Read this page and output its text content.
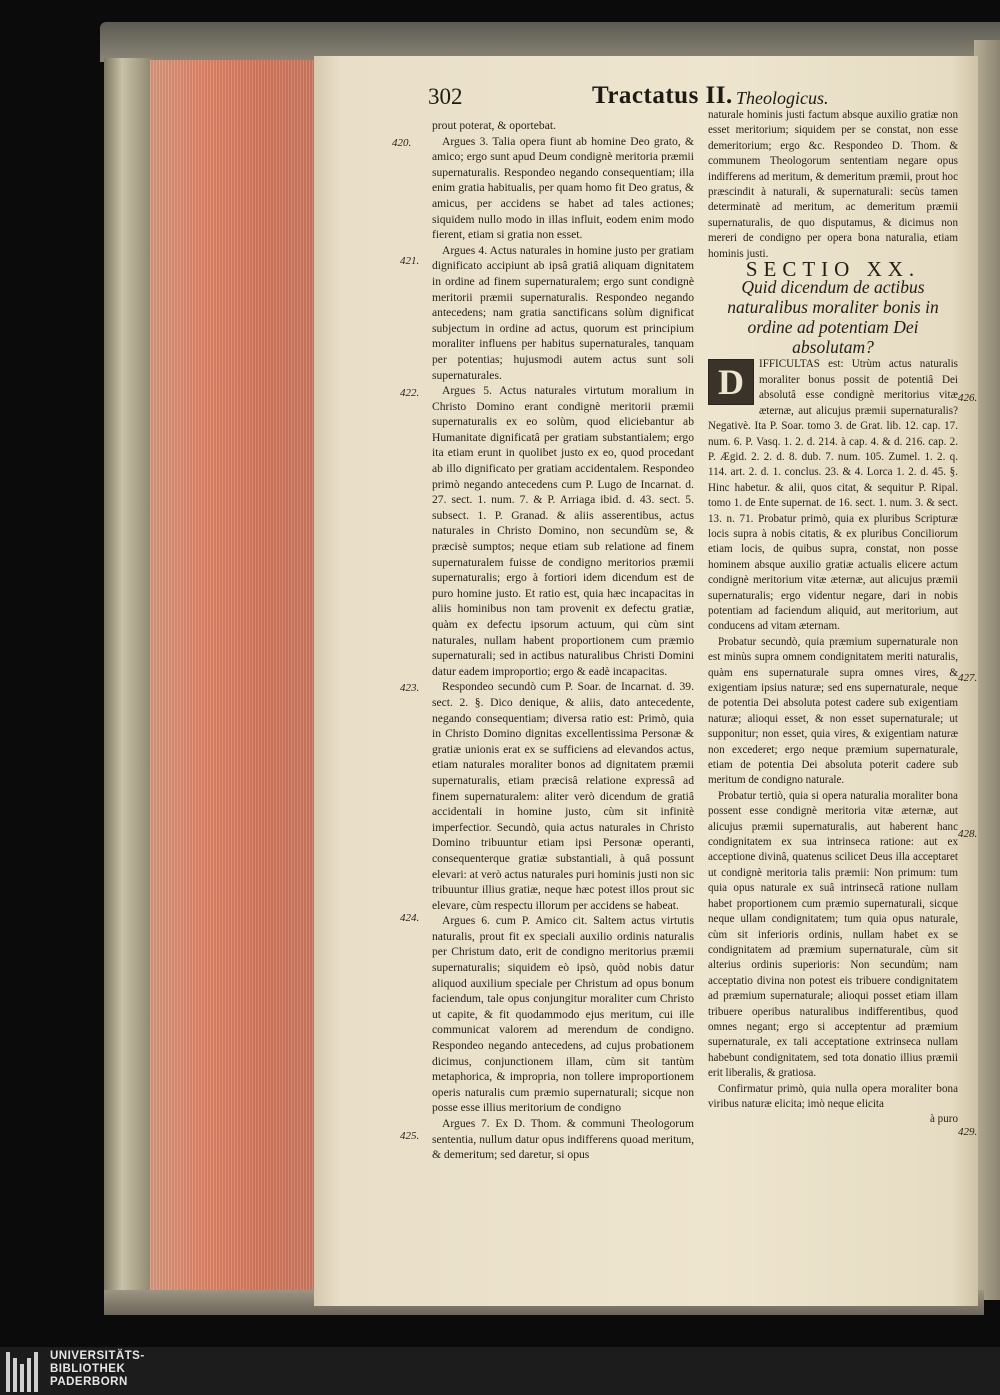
302	Tractatus II. Theologicus.
420.
421.
422.
423.
424.
425.
426.
427.
428.
429.

prout poterat, & oportebat.

Argues 3. Talia opera fiunt ab homine Deo grato, & amico; ergo sunt apud Deum condignè meritoria præmii supernaturalis. Respondeo negando consequentiam; illa enim gratia habitualis, per quam homo fit Deo gratus, & amicus, per accidens se habet ad tales actiones; siquidem nullo modo in illas influit, eodem enim modo fierent, etiam si gratia non esset.

Argues 4. Actus naturales in homine justo per gratiam dignificato accipiunt ab ipsâ gratiâ aliquam dignitatem in ordine ad finem supernaturalem; ergo sunt condignè meritorii præmii supernaturalis. Respondeo negando antecedens; nam gratia sanctificans solùm dignificat subjectum in ordine ad actus, quorum est principium moraliter influens per habitus supernaturales, tanquam per potentias; hujusmodi autem actus sunt soli supernaturales.

Argues 5. Actus naturales virtutum moralium in Christo Domino erant condignè meritorii præmii supernaturalis ex eo solùm, quod eliciebantur ab Humanitate dignificatâ per gratiam substantialem; ergo ita etiam erunt in quolibet justo ex eo, quod procedant ab illo dignificato per gratiam accidentalem. Respondeo primò negando antecedens cum P. Lugo de Incarnat. d. 27. sect. 1. num. 7. & P. Arriaga ibid. d. 43. sect. 5. subsect. 1. P. Granad. & aliis asserentibus, actus naturales in Christo Domino, non secundùm se, & præcisè sumptos; neque etiam sub relatione ad finem supernaturalem fuisse de condigno meritorios præmii supernaturalis; ergo à fortiori idem dicendum est de puro homine justo. Et ratio est, quia hæc incapacitas in aliis hominibus non tam provenit ex defectu gratiæ, quàm ex defectu ipsorum actuum, qui cùm sint naturales, nullam habent proportionem cum præmio supernaturali; sed in actibus naturalibus Christi Domini datur eadem improportio; ergo & eadè incapacitas.

Respondeo secundò cum P. Soar. de Incarnat. d. 39. sect. 2. §. Dico denique, & aliis, dato antecedente, negando consequentiam; diversa ratio est: Primò, quia in Christo Domino dignitas excellentissima Personæ & gratiæ unionis erat ex se sufficiens ad elevandos actus, etiam naturales moraliter bonos ad dignitatem præmii supernaturalis, etiam præcisâ relatione expressâ ad finem supernaturalem: aliter verò dicendum de gratiâ accidentali in homine justo, cùm sit infinitè imperfectior. Secundò, quia actus naturales in Christo Domino tribuuntur etiam ipsi Personæ operanti, consequenterque gratiæ substantiali, à quâ possunt elevari: at verò actus naturales puri hominis justi non sic tribuuntur illius gratiæ, neque hæc potest illos prout sic elevare, cùm respectu illorum per accidens se habeat.

Argues 6. cum P. Amico cit. Saltem actus virtutis naturalis, prout fit ex speciali auxilio ordinis naturalis per Christum dato, erit de condigno meritorius præmii supernaturalis; siquidem eò ipsò, quòd nobis datur aliquod auxilium speciale per Christum ad opus bonum faciendum, tale opus conjungitur moraliter cum Christo ut capite, & fit quodammodo ejus meritum, cui ille communicat valorem ad merendum de condigno. Respondeo negando antecedens, ad cujus probationem dicimus, conjunctionem illam, cùm sit tantùm metaphorica, & impropria, non tollere improportionem operis naturalis cum præmio supernaturali; sicque non posse esse illius meritorium de condigno

Argues 7. Ex D. Thom. & communi Theologorum sententia, nullum datur opus indifferens quoad meritum, & demeritum; sed daretur, si opus

naturale hominis justi factum absque auxilio gratiæ non esset meritorium; siquidem per se constat, non esse demeritorium; ergo &c. Respondeo D. Thom. & communem Theologorum sententiam negare opus indifferens ad meritum, & demeritum præmii, prout hoc præscindit à naturali, & supernaturali: secùs tamen determinatè ad meritum, ac demeritum præmii supernaturalis, de quo disputamus, & dicimus non mereri de condigno per opera bona naturalia, etiam hominis justi.

SECTIO XX.

Quid dicendum de actibus naturalibus moraliter bonis in ordine ad potentiam Dei absolutam?

D	IFFICULTAS est: Utrùm actus naturalis moraliter bonus possit de potentiâ Dei absolutâ esse condignè meritorius vitæ æternæ, aut alicujus præmii supernaturalis? Negativè. Ita P. Soar. tomo 3. de Grat. lib. 12. cap. 17. num. 6. P. Vasq. 1. 2. d. 214. à cap. 4. & d. 216. cap. 2. P. Ægid. 2. 2. d. 8. dub. 7. num. 105. Zumel. 1. 2. q. 114. art. 2. d. 1. conclus. 23. & 4. Lorca 1. 2. d. 45. §. Hinc habetur. & alii, quos citat, & sequitur P. Ripal. tomo 1. de Ente supernat. de 16. sect. 1. num. 3. & sect. 13. n. 71. Probatur primò, quia ex pluribus Scripturæ locis supra à nobis citatis, & ex pluribus Conciliorum etiam locis, de quibus supra, constat, non posse hominem absque auxilio gratiæ actualis elicere actum condignè meritorium vitæ æternæ, aut alicujus præmii supernaturalis; ergo videntur negare, dari in nobis potentiam ad faciendum aliquid, aut meritorium, aut conducens ad vitam æternam.

Probatur secundò, quia præmium supernaturale non est minùs supra omnem condignitatem meriti naturalis, quàm ens supernaturale supra omnes vires, & exigentiam ipsius naturæ; sed ens supernaturale, neque de potentia Dei absoluta potest cadere sub exigentiam naturæ; alioqui esset, & non esset supernaturale; ut supponitur; non esset, quia vires, & exigentiam naturæ non excederet; ergo neque præmium supernaturale, etiam de potentia Dei absoluta poterit cadere sub meritum de condigno naturale.

Probatur tertiò, quia si opera naturalia moraliter bona possent esse condignè meritoria vitæ æternæ, aut alicujus præmii supernaturalis, aut haberent hanc condignitatem ex sua intrinseca ratione: aut ex acceptione divinâ, quatenus scilicet Deus illa acceptaret ut condignè meritoria talis præmii: Non primum: tum quia opus naturale ex suâ intrinsecâ ratione nullam habet proportionem cum præmio supernaturali, sicque neque ullam condignitatem; tum quia opus naturale, cùm sit inferioris ordinis, nullam habet ex se condignitatem ad præmium supernaturale, cùm sit alterius ordinis superioris: Non secundùm; nam acceptatio divina non potest eis tribuere condignitatem ad præmium supernaturale; alioqui posset etiam illam tribuere operibus naturalibus indifferentibus, quod omnes negant; ergo si acceptentur ad præmium supernaturale, ex tali acceptatione extrinseca nullam habebunt condignitatem, sed tota donatio illius præmii erit liberalis, & gratiosa.

Confirmatur primò, quia nulla opera moraliter bona viribus naturæ elicita; imò neque elicita

à puro

UNIVERSITÄTS-
BIBLIOTHEK
PADERBORN
